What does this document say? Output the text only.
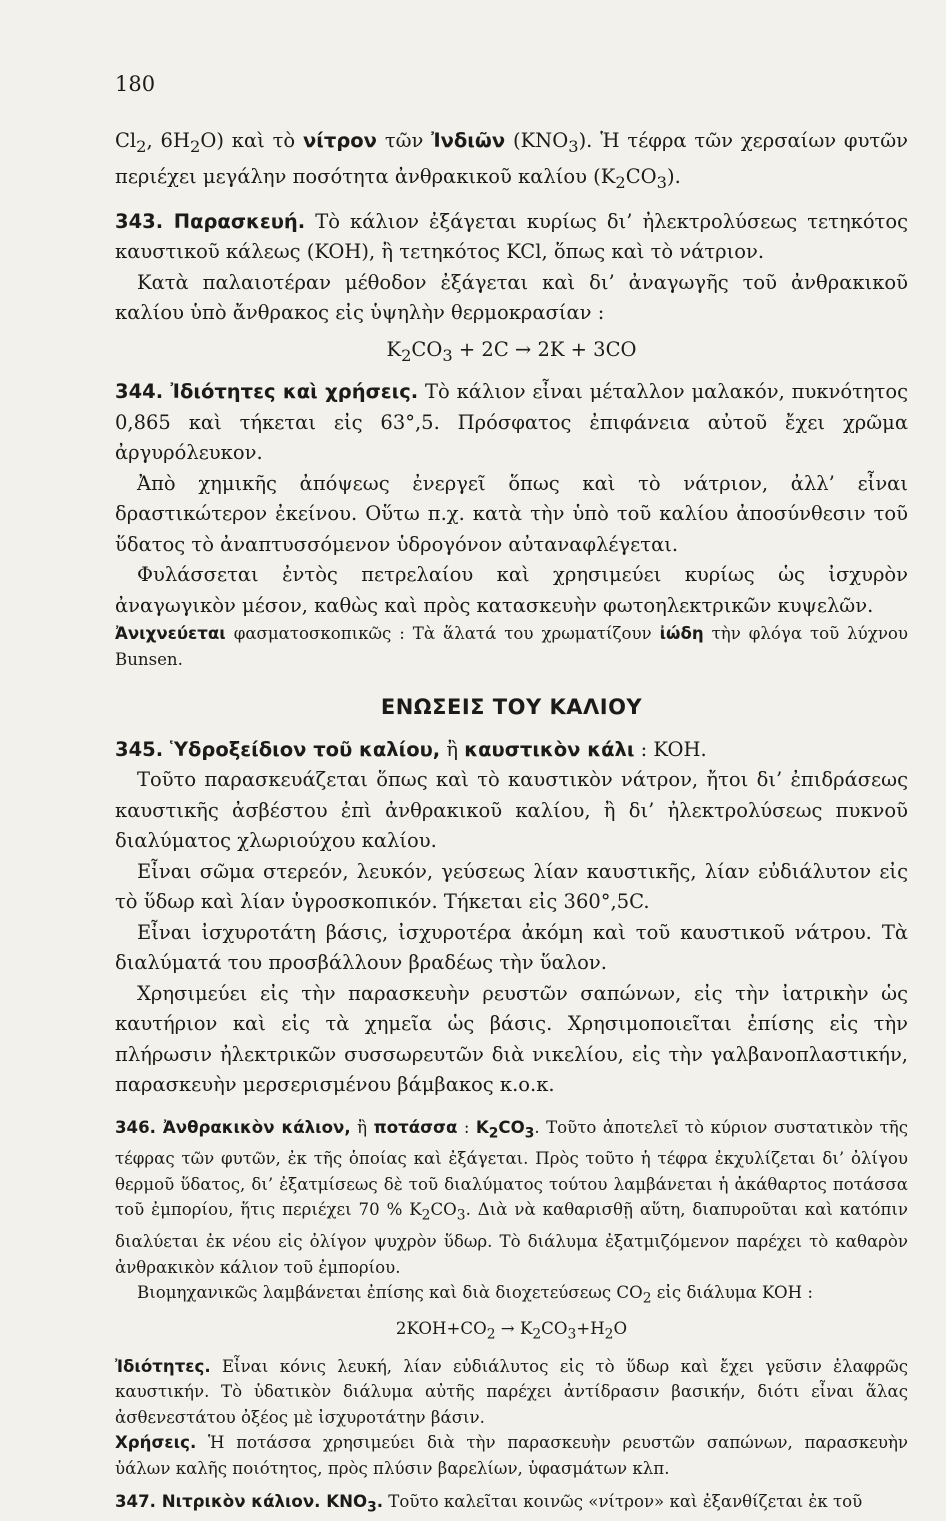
180

$Cl_2$, $6H_2O$) καὶ τὸ νίτρον τῶν Ἰνδιῶν $(KNO_3)$. Ἡ τέφρα τῶν χερσαίων φυτῶν περιέχει μεγάλην ποσότητα ἀνθρακικοῦ καλίου $(K_2CO_3)$.

343. Παρασκευή. Τὸ κάλιον ἐξάγεται κυρίως δι’ ἠλεκτρολύσεως τετηκότος καυστικοῦ κάλεως (KOH), ἢ τετηκότος KCl, ὅπως καὶ τὸ νάτριον.

Κατὰ παλαιοτέραν μέθοδον ἐξάγεται καὶ δι’ ἀναγωγῆς τοῦ ἀνθρακικοῦ καλίου ὑπὸ ἄνθρακος εἰς ὑψηλὴν θερμοκρασίαν :

$K_2CO_3 + 2C \to 2K + 3CO$

344. Ἰδιότητες καὶ χρήσεις. Τὸ κάλιον εἶναι μέταλλον μαλακόν, πυκνότητος 0,865 καὶ τήκεται εἰς 63°,5. Πρόσφατος ἐπιφάνεια αὐτοῦ ἔχει χρῶμα ἀργυρόλευκον.

Ἀπὸ χημικῆς ἀπόψεως ἐνεργεῖ ὅπως καὶ τὸ νάτριον, ἀλλ’ εἶναι δραστικώτερον ἐκείνου. Οὕτω π.χ. κατὰ τὴν ὑπὸ τοῦ καλίου ἀποσύνθεσιν τοῦ ὕδατος τὸ ἀναπτυσσόμενον ὑδρογόνον αὐταναφλέγεται.

Φυλάσσεται ἐντὸς πετρελαίου καὶ χρησιμεύει κυρίως ὡς ἰσχυρὸν ἀναγωγικὸν μέσον, καθὼς καὶ πρὸς κατασκευὴν φωτοηλεκτρικῶν κυψελῶν.

Ἀνιχνεύεται φασματοσκοπικῶς : Τὰ ἅλατά του χρωματίζουν ἰώδη τὴν φλόγα τοῦ λύχνου Bunsen.

ΕΝΩΣΕΙΣ ΤΟΥ ΚΑΛΙΟΥ

345. Ὑδροξείδιον τοῦ καλίου, ἢ καυστικὸν κάλι : KOH.

Τοῦτο παρασκευάζεται ὅπως καὶ τὸ καυστικὸν νάτρον, ἤτοι δι’ ἐπιδράσεως καυστικῆς ἀσβέστου ἐπὶ ἀνθρακικοῦ καλίου, ἢ δι’ ἠλεκτρολύσεως πυκνοῦ διαλύματος χλωριούχου καλίου.

Εἶναι σῶμα στερεόν, λευκόν, γεύσεως λίαν καυστικῆς, λίαν εὐδιάλυτον εἰς τὸ ὕδωρ καὶ λίαν ὑγροσκοπικόν. Τήκεται εἰς 360°,5C.

Εἶναι ἰσχυροτάτη βάσις, ἰσχυροτέρα ἀκόμη καὶ τοῦ καυστικοῦ νάτρου. Τὰ διαλύματά του προσβάλλουν βραδέως τὴν ὕαλον.

Χρησιμεύει εἰς τὴν παρασκευὴν ρευστῶν σαπώνων, εἰς τὴν ἰατρικὴν ὡς καυτήριον καὶ εἰς τὰ χημεῖα ὡς βάσις. Χρησιμοποιεῖται ἐπίσης εἰς τὴν πλήρωσιν ἠλεκτρικῶν συσσωρευτῶν διὰ νικελίου, εἰς τὴν γαλβανοπλαστικήν, παρασκευὴν μερσερισμένου βάμβακος κ.ο.κ.

346. Ἀνθρακικὸν κάλιον, ἢ ποτάσσα : $K_2CO_3$. Τοῦτο ἀποτελεῖ τὸ κύριον συστατικὸν τῆς τέφρας τῶν φυτῶν, ἐκ τῆς ὁποίας καὶ ἐξάγεται. Πρὸς τοῦτο ἡ τέφρα ἐκχυλίζεται δι’ ὀλίγου θερμοῦ ὕδατος, δι’ ἐξατμίσεως δὲ τοῦ διαλύματος τούτου λαμβάνεται ἡ ἀκάθαρτος ποτάσσα τοῦ ἐμπορίου, ἥτις περιέχει 70 % $K_2CO_3$. Διὰ νὰ καθαρισθῇ αὕτη, διαπυροῦται καὶ κατόπιν διαλύεται ἐκ νέου εἰς ὀλίγον ψυχρὸν ὕδωρ. Τὸ διάλυμα ἐξατμιζόμενον παρέχει τὸ καθαρὸν ἀνθρακικὸν κάλιον τοῦ ἐμπορίου.

Βιομηχανικῶς λαμβάνεται ἐπίσης καὶ διὰ διοχετεύσεως $CO_2$ εἰς διάλυμα KOH :

$2KOH+CO_2 \to K_2CO_3+H_2O$

Ἰδιότητες. Εἶναι κόνις λευκή, λίαν εὐδιάλυτος εἰς τὸ ὕδωρ καὶ ἔχει γεῦσιν ἐλαφρῶς καυστικήν. Τὸ ὑδατικὸν διάλυμα αὐτῆς παρέχει ἀντίδρασιν βασικήν, διότι εἶναι ἅλας ἀσθενεστάτου ὀξέος μὲ ἰσχυροτάτην βάσιν.

Χρήσεις. Ἡ ποτάσσα χρησιμεύει διὰ τὴν παρασκευὴν ρευστῶν σαπώνων, παρασκευὴν ὑάλων καλῆς ποιότητος, πρὸς πλύσιν βαρελίων, ὑφασμάτων κλπ.

347. Νιτρικὸν κάλιον. $KNO_3$. Τοῦτο καλεῖται κοινῶς «νίτρον» καὶ ἐξανθίζεται ἐκ τοῦ
